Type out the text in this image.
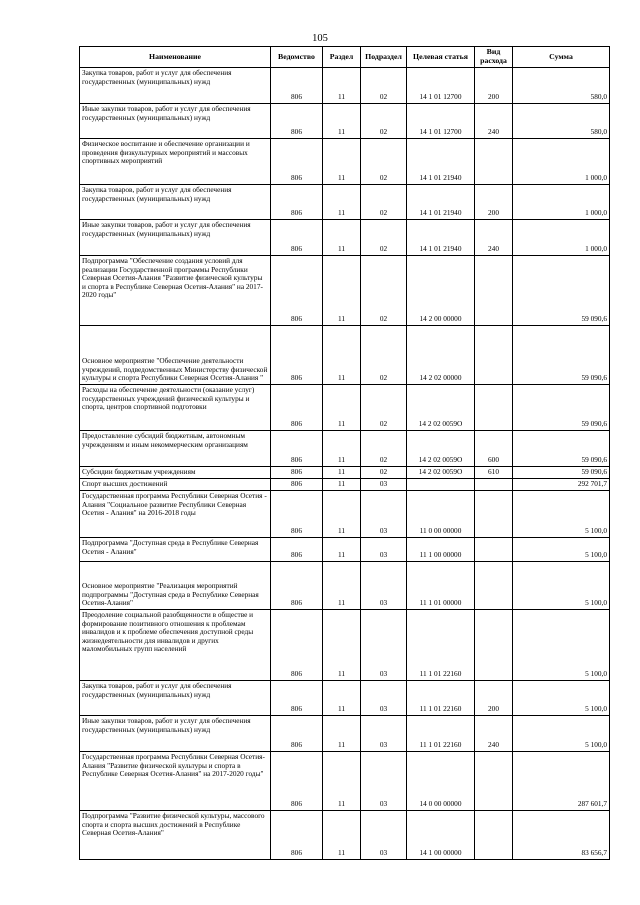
105
Наименование	Ведомство	Раздел	Подраздел	Целевая статья	Вид расхода	Сумма
Закупка товаров, работ и услуг для обеспечения государственных (муниципальных) нужд	806	11	02	14 1 01 12700	200	580,0
Иные закупки товаров, работ и услуг для обеспечения государственных (муниципальных) нужд	806	11	02	14 1 01 12700	240	580,0
Физическое воспитание и обеспечение организации и проведения физкультурных мероприятий и массовых спортивных мероприятий	806	11	02	14 1 01 21940		1 000,0
Закупка товаров, работ и услуг для обеспечения государственных (муниципальных) нужд	806	11	02	14 1 01 21940	200	1 000,0
Иные закупки товаров, работ и услуг для обеспечения государственных (муниципальных) нужд	806	11	02	14 1 01 21940	240	1 000,0
Подпрограмма "Обеспечение создания условий для реализации Государственной программы Республики Северная Осетия-Алания "Развитие физической культуры и спорта в Республике Северная Осетия-Алания" на 2017-2020 годы"	806	11	02	14 2 00 00000		59 090,6
Основное мероприятие "Обеспечение деятельности учреждений, подведомственных Министерству физической культуры и спорта Республики Северная Осетия-Алания "	806	11	02	14 2 02 00000		59 090,6
Расходы на обеспечение деятельности (оказание услуг) государственных учреждений физической культуры и спорта, центров спортивной подготовки	806	11	02	14 2 02 0059O		59 090,6
Предоставление субсидий бюджетным, автономным учреждениям и иным некоммерческим организациям	806	11	02	14 2 02 0059O	600	59 090,6
Субсидии бюджетным учреждениям	806	11	02	14 2 02 0059O	610	59 090,6
Спорт высших достижений	806	11	03			292 701,7
Государственная программа Республики Северная Осетия - Алания "Социальное развитие Республики Северная Осетия - Алания" на 2016-2018 годы	806	11	03	11 0 00 00000		5 100,0
Подпрограмма "Доступная среда в Республике Северная Осетия - Алания"	806	11	03	11 1 00 00000		5 100,0
Основное мероприятие "Реализация мероприятий подпрограммы "Доступная среда в Республике Северная Осетия-Алания"	806	11	03	11 1 01 00000		5 100,0
Преодоление социальной разобщенности в обществе и формирование позитивного отношения к проблемам инвалидов и к проблеме обеспечения доступной среды жизнедеятельности для инвалидов и других маломобильных групп населений	806	11	03	11 1 01 22160		5 100,0
Закупка товаров, работ и услуг для обеспечения государственных (муниципальных) нужд	806	11	03	11 1 01 22160	200	5 100,0
Иные закупки товаров, работ и услуг для обеспечения государственных (муниципальных) нужд	806	11	03	11 1 01 22160	240	5 100,0
Государственная программа Республики Северная Осетия-Алания "Развитие физической культуры и спорта в Республике Северная Осетия-Алания" на 2017-2020 годы"	806	11	03	14 0 00 00000		287 601,7
Подпрограмма "Развитие физической культуры, массового спорта и спорта высших достижений в Республике Северная Осетия-Алания"	806	11	03	14 1 00 00000		83 656,7
